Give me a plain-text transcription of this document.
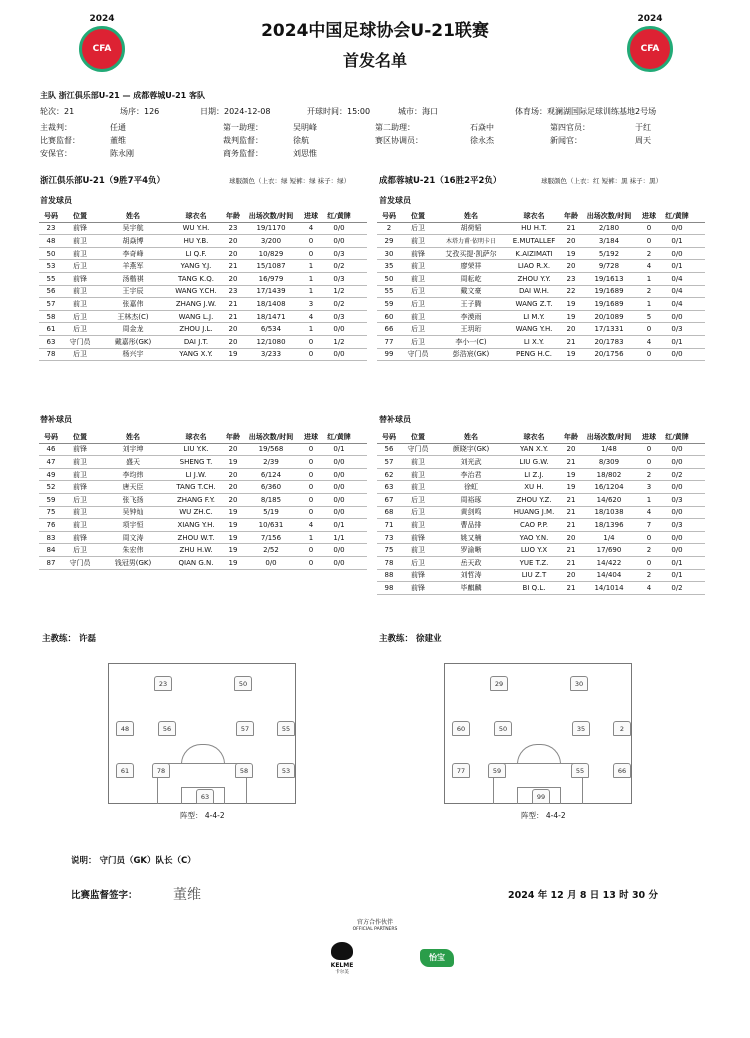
2024
CFA
2024
CFA
2024中国足球协会U-21联赛
首发名单
主队 浙江俱乐部U-21 — 成都蓉城U-21 客队
轮次：21	场序：126	日期：2024-12-08	开球时间：15:00	城市：海口	体育场：观澜湖国际足球训练基地2号场
主裁判：	任通	第一助理：	吴明峰	第二助理：	石焱中	第四官员：	于红
比赛监督：	董维	裁判监督：	徐航	赛区协调员：	徐永杰	新闻官：	周天
安保官：	陈永刚	商务监督：	刘思惟
浙江俱乐部U-21（9胜7平4负）	球服颜色（上衣：绿 短裤：绿 袜子：绿）
首发球员
号码	位置	姓名	球衣名	年龄	出场次数/时间	进球	红/黄牌
23	前锋	吴宇航	WU Y.H.	23	19/1170	4	0/0
48	前卫	胡焱博	HU Y.B.	20	3/200	0	0/0
50	前卫	李奇峰	LI Q.F.	20	10/829	0	0/3
53	后卫	羊燕军	YANG Y.J.	21	15/1087	1	0/2
55	前锋	汤楷祺	TANG K.Q.	20	16/979	1	0/3
56	前卫	王宇辰	WANG Y.CH.	23	17/1439	1	1/2
57	前卫	张嘉伟	ZHANG J.W.	21	18/1408	3	0/2
58	后卫	王林杰(C)	WANG L.J.	21	18/1471	4	0/3
61	后卫	周金龙	ZHOU J.L.	20	6/534	1	0/0
63	守门员	戴嘉彤(GK)	DAI J.T.	20	12/1080	0	1/2
78	后卫	杨兴宇	YANG X.Y.	19	3/233	0	0/0
替补球员
号码	位置	姓名	球衣名	年龄	出场次数/时间	进球	红/黄牌
46	前锋	刘宇坤	LIU Y.K.	20	19/568	0	0/1
47	前卫	盛天	SHENG T.	19	2/39	0	0/0
49	前卫	李均炜	LI J.W.	20	6/124	0	0/0
52	前锋	唐天臣	TANG T.CH.	20	6/360	0	0/0
59	后卫	张飞扬	ZHANG F.Y.	20	8/185	0	0/0
75	前卫	吴钟灿	WU ZH.C.	19	5/19	0	0/0
76	前卫	项宇恒	XIANG Y.H.	19	10/631	4	0/1
83	前锋	周文涛	ZHOU W.T.	19	7/156	1	1/1
84	后卫	朱宏伟	ZHU H.W.	19	2/52	0	0/0
87	守门员	钱冠男(GK)	QIAN G.N.	19	0/0	0	0/0
主教练： 许磊
成都蓉城U-21（16胜2平2负）	球服颜色（上衣：红 短裤：黑 袜子：黑）
首发球员
号码	位置	姓名	球衣名	年龄	出场次数/时间	进球	红/黄牌
2	后卫	胡荷韬	HU H.T.	21	2/180	0	0/0
29	前卫	木塔力甫·依明卡日	E.MUTALLEF	20	3/184	0	0/1
30	前锋	艾孜买提·凯萨尔	K.AIZIMATI	19	5/192	2	0/0
35	前卫	廖荣祥	LIAO R.X.	20	9/728	4	0/1
50	前卫	周耘屹	ZHOU Y.Y.	23	19/1613	1	0/4
55	后卫	戴文豪	DAI W.H.	22	19/1689	2	0/4
59	后卫	王子腾	WANG Z.T.	19	19/1689	1	0/4
60	前卫	李漠雨	LI M.Y.	19	20/1089	5	0/0
66	后卫	王玥珩	WANG Y.H.	20	17/1331	0	0/3
77	后卫	李小一(C)	LI X.Y.	21	20/1783	4	0/1
99	守门员	彭浩宸(GK)	PENG H.C.	19	20/1756	0	0/0
替补球员
号码	位置	姓名	球衣名	年龄	出场次数/时间	进球	红/黄牌
56	守门员	颜晓宇(GK)	YAN X.Y.	20	1/48	0	0/0
57	前卫	刘光武	LIU G.W.	21	8/309	0	0/0
62	前卫	李治君	LI Z.J.	19	18/802	2	0/2
63	前卫	徐虹	XU H.	19	16/1204	3	0/0
67	后卫	周裕琢	ZHOU Y.Z.	21	14/620	1	0/3
68	后卫	黄剑鸣	HUANG J.M.	21	18/1038	4	0/0
71	前卫	曹品排	CAO P.P.	21	18/1396	7	0/3
73	前锋	姚又楠	YAO Y.N.	20	1/4	0	0/0
75	前卫	罗渝晰	LUO Y.X	21	17/690	2	0/0
78	后卫	岳天政	YUE T.Z.	21	14/422	0	0/1
88	前锋	刘哲涛	LIU Z.T	20	14/404	2	0/1
98	前锋	毕麒麟	BI Q.L.	21	14/1014	4	0/2
主教练： 徐建业
23	50
48	56	57	55
61	78	58	53
63
29	30
60	50	35	2
77	59	55	66
99
阵型： 4-4-2	阵型： 4-4-2
说明： 守门员（GK）队长（C）
比赛监督签字：	董维	2024 年 12 月 8 日 13 时 30 分
官方合作伙伴
OFFICIAL PARTNERS
KELME
卡尔美
怡宝
